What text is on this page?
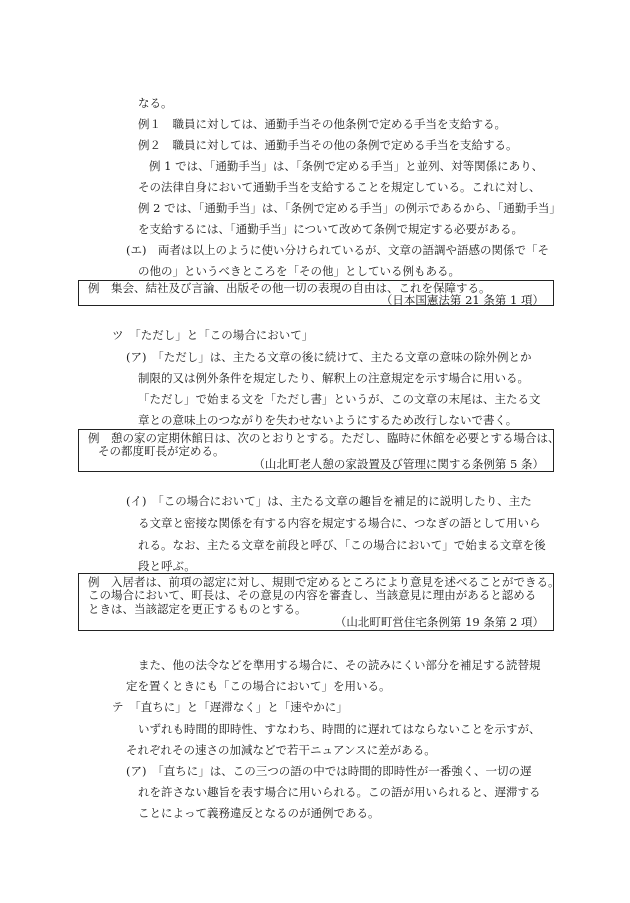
なる。
例１　職員に対しては、通勤手当その他条例で定める手当を支給する。
例２　職員に対しては、通勤手当その他の条例で定める手当を支給する。
例 1 では、「通勤手当」は、「条例で定める手当」と並列、対等関係にあり、
その法律自身において通勤手当を支給することを規定している。これに対し、
例 2 では、「通勤手当」は、「条例で定める手当」の例示であるから、「通勤手当」
を支給するには、「通勤手当」について改めて条例で規定する必要がある。
(エ)　両者は以上のように使い分けられているが、文章の語調や語感の関係で「そ
の他の」というべきところを「その他」としている例もある。
例　集会、結社及び言論、出版その他一切の表現の自由は、これを保障する。
（日本国憲法第 21 条第 1 項）
ツ　「ただし」と「この場合において」
(ア)　「ただし」は、主たる文章の後に続けて、主たる文章の意味の除外例とか
制限的又は例外条件を規定したり、解釈上の注意規定を示す場合に用いる。
「ただし」で始まる文を「ただし書」というが、この文章の末尾は、主たる文
章との意味上のつながりを失わせないようにするため改行しないで書く。
例　憩の家の定期休館日は、次のとおりとする。ただし、臨時に休館を必要とする場合は、
その都度町長が定める。
（山北町老人憩の家設置及び管理に関する条例第 5 条）
(イ)　「この場合において」は、主たる文章の趣旨を補足的に説明したり、主た
る文章と密接な関係を有する内容を規定する場合に、つなぎの語として用いら
れる。なお、主たる文章を前段と呼び、「この場合において」で始まる文章を後
段と呼ぶ。
例　入居者は、前項の認定に対し、規則で定めるところにより意見を述べることができる。
この場合において、町長は、その意見の内容を審査し、当該意見に理由があると認める
ときは、当該認定を更正するものとする。
（山北町町営住宅条例第 19 条第 2 項）
また、他の法令などを準用する場合に、その読みにくい部分を補足する読替規
定を置くときにも「この場合において」を用いる。
テ　「直ちに」と「遅滞なく」と「速やかに」
いずれも時間的即時性、すなわち、時間的に遅れてはならないことを示すが、
それぞれその速さの加減などで若干ニュアンスに差がある。
(ア)　「直ちに」は、この三つの語の中では時間的即時性が一番強く、一切の遅
れを許さない趣旨を表す場合に用いられる。この語が用いられると、遅滞する
ことによって義務違反となるのが通例である。
